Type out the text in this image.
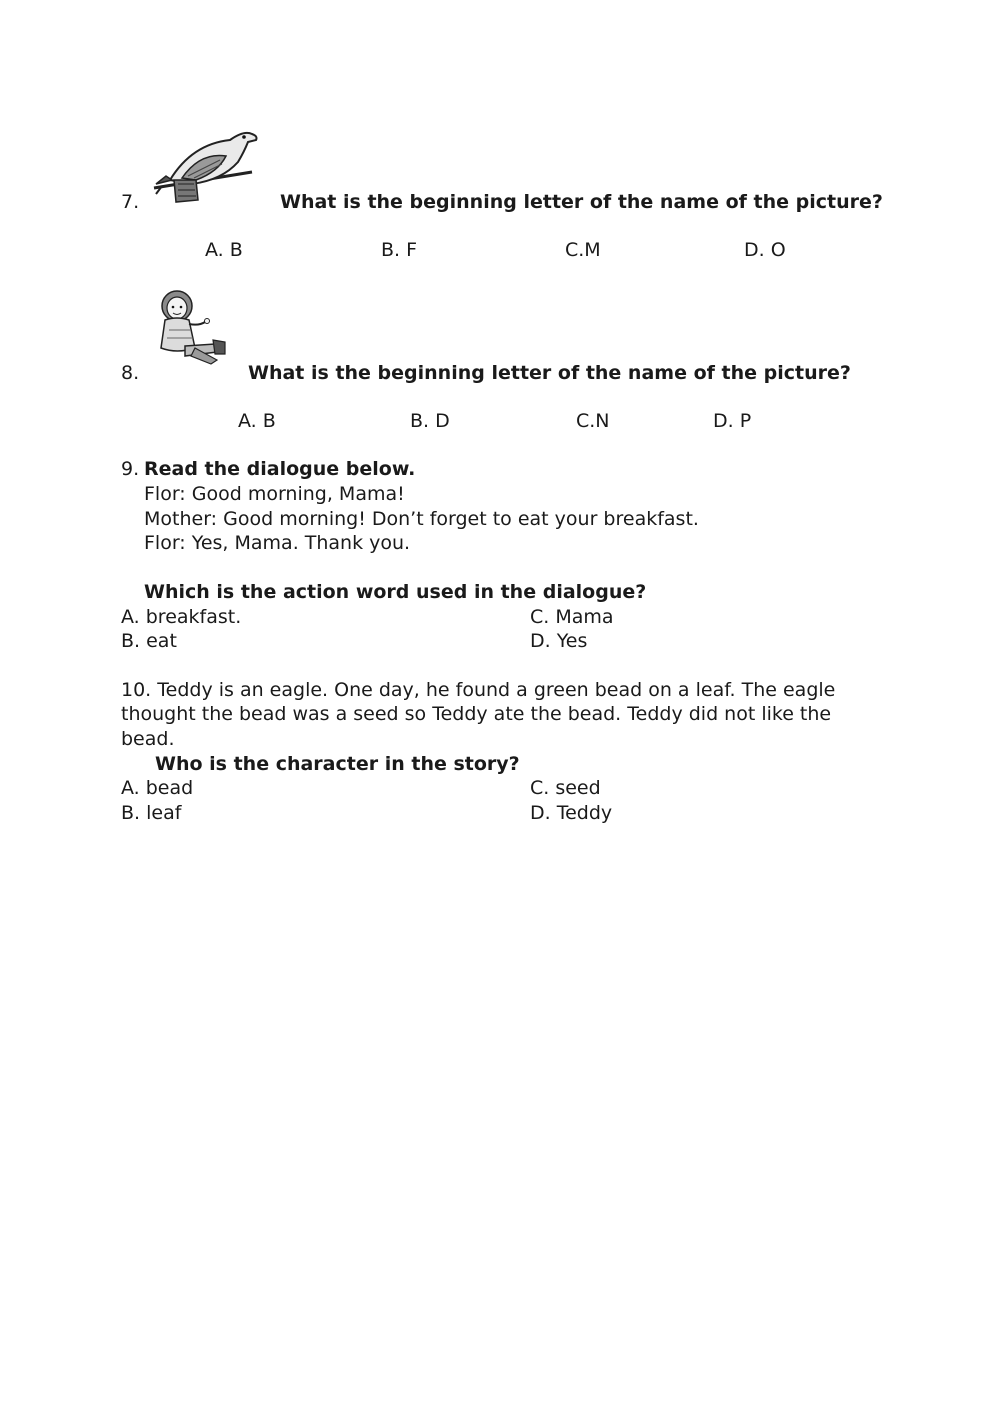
7.	What is the beginning letter of the name of the picture?
A. B	B. F	C.M	D. O
8.	What is the beginning letter of the name of the picture?
A. B	B. D	C.N	D. P
9. Read the dialogue below.
Flor: Good morning, Mama!
Mother: Good morning! Don’t forget to eat your breakfast.
Flor: Yes, Mama. Thank you.
Which is the action word used in the dialogue?
A. breakfast.
B. eat
C. Mama
D. Yes
10. Teddy is an eagle. One day, he found a green bead on a leaf. The eagle
thought the bead was a seed so Teddy ate the bead. Teddy did not like the
bead.
Who is the character in the story?
A. bead
B. leaf
C. seed
D. Teddy
